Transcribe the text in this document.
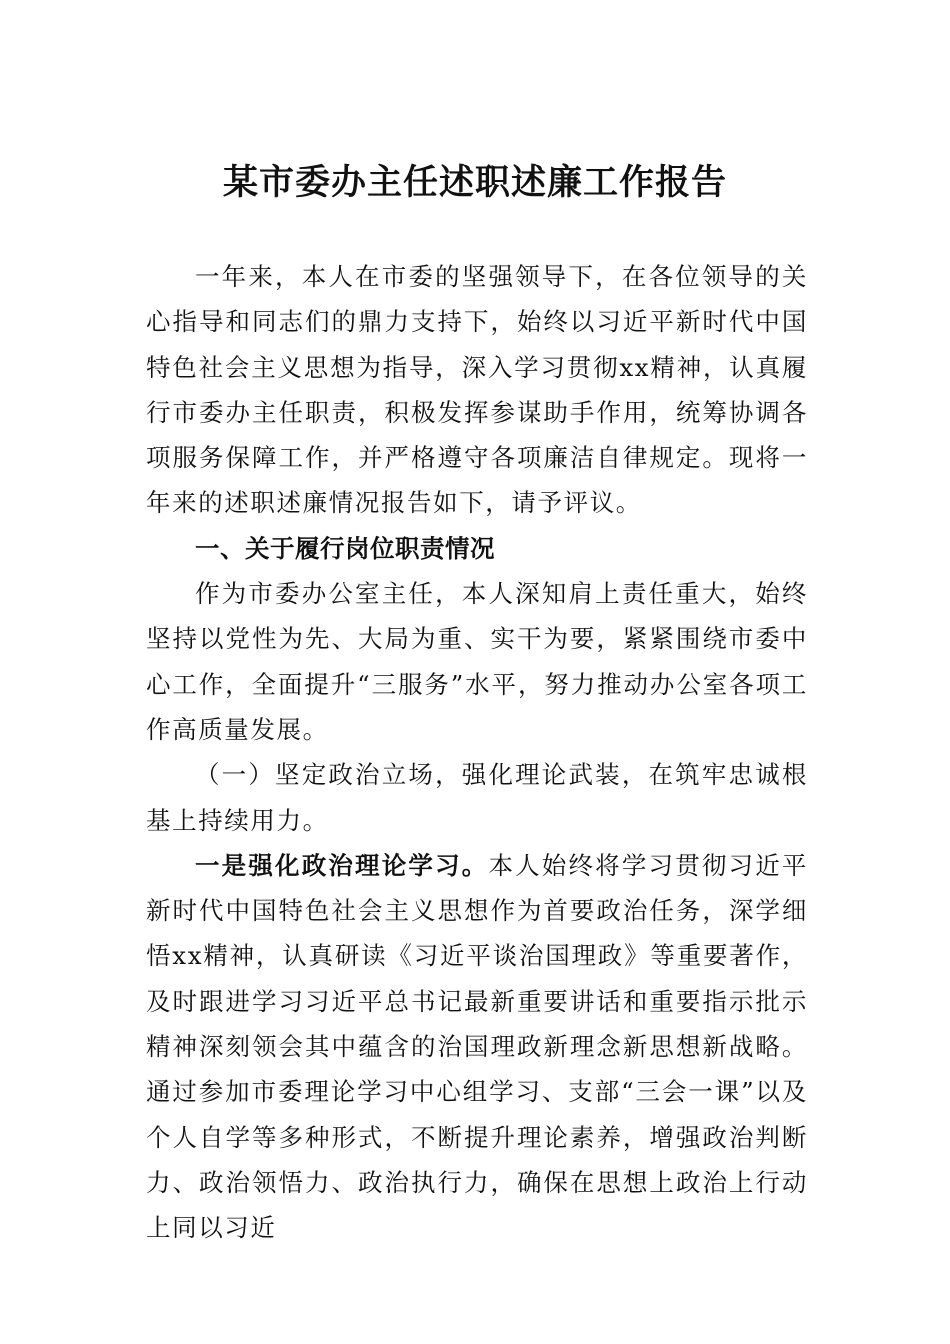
某市委办主任述职述廉工作报告

一年来，本人在市委的坚强领导下，在各位领导的关心指导和同志们的鼎力支持下，始终以习近平新时代中国特色社会主义思想为指导，深入学习贯彻xx精神，认真履行市委办主任职责，积极发挥参谋助手作用，统筹协调各项服务保障工作，并严格遵守各项廉洁自律规定。现将一年来的述职述廉情况报告如下，请予评议。

一、关于履行岗位职责情况

作为市委办公室主任，本人深知肩上责任重大，始终坚持以党性为先、大局为重、实干为要，紧紧围绕市委中心工作，全面提升“三服务”水平，努力推动办公室各项工作高质量发展。

（一）坚定政治立场，强化理论武装，在筑牢忠诚根基上持续用力。

一是强化政治理论学习。本人始终将学习贯彻习近平新时代中国特色社会主义思想作为首要政治任务，深学细悟xx精神，认真研读《习近平谈治国理政》等重要著作，及时跟进学习习近平总书记最新重要讲话和重要指示批示精神深刻领会其中蕴含的治国理政新理念新思想新战略。通过参加市委理论学习中心组学习、支部“三会一课”以及个人自学等多种形式，不断提升理论素养，增强政治判断力、政治领悟力、政治执行力，确保在思想上政治上行动上同以习近
